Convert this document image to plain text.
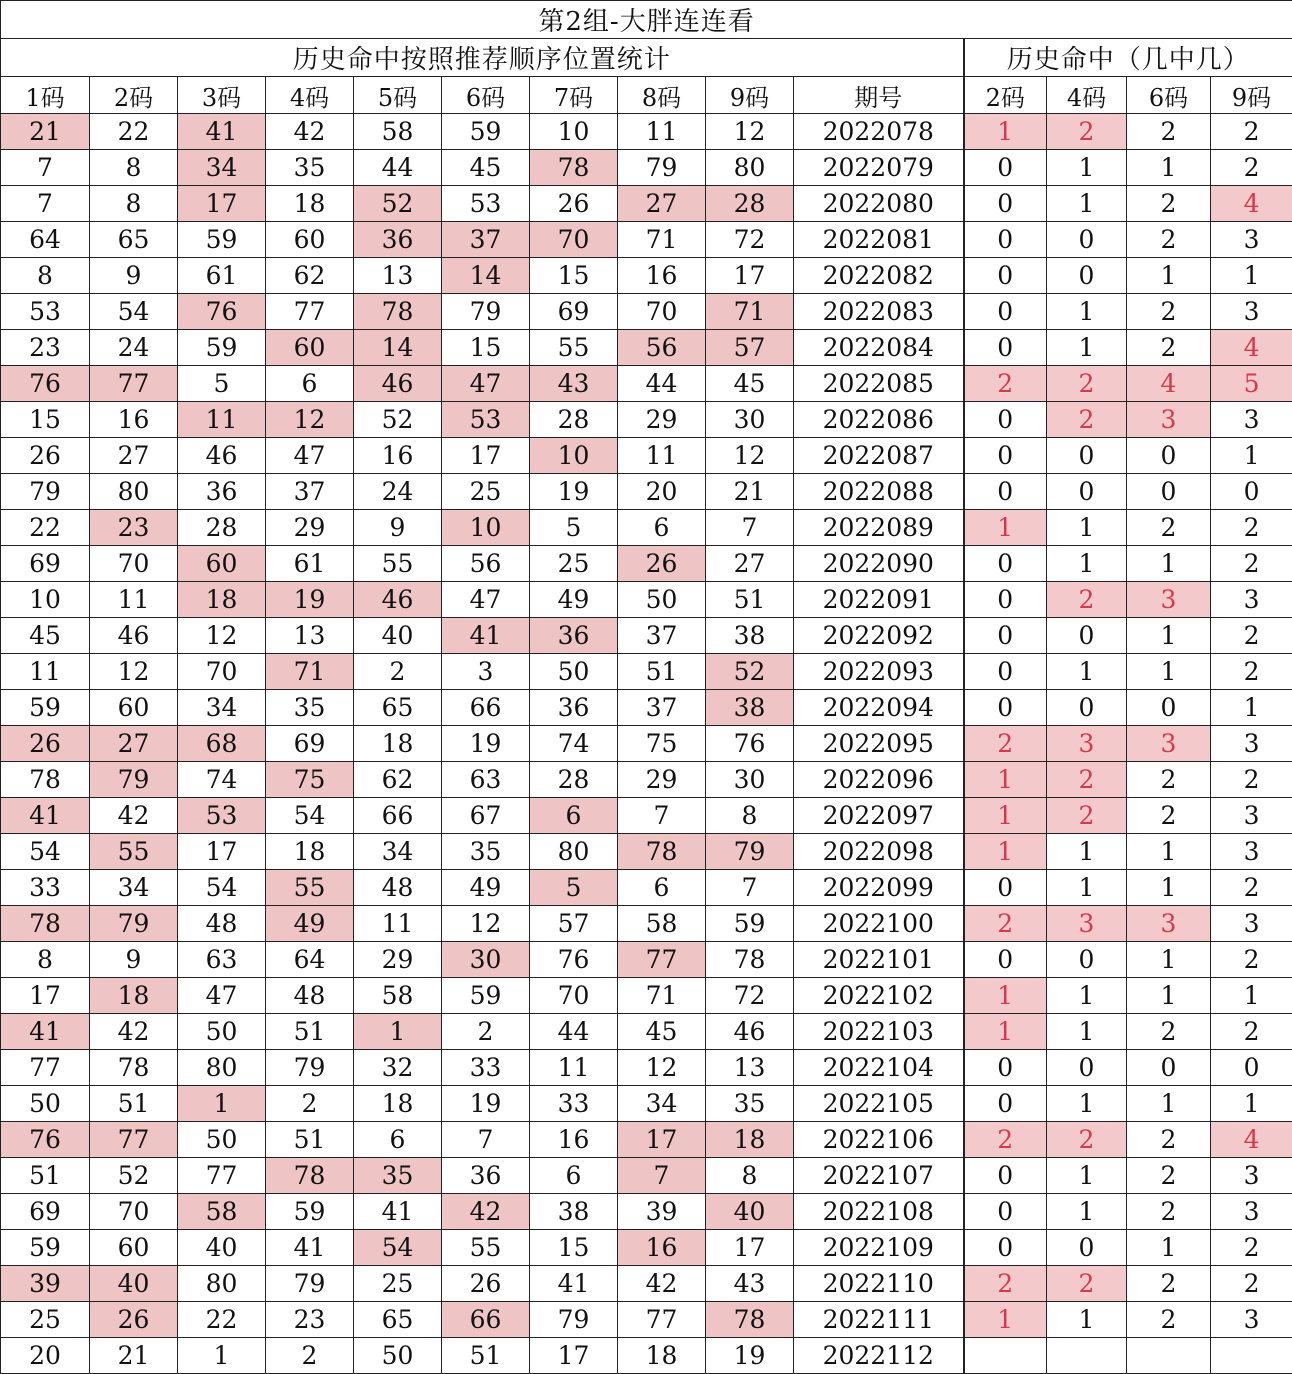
第2组-大胖连连看													
历史命中按照推荐顺序位置统计										历史命中（几中几）			
1码	2码	3码	4码	5码	6码	7码	8码	9码	期号	2码	4码	6码	9码
21	22	41	42	58	59	10	11	12	2022078	1	2	2	2
7	8	34	35	44	45	78	79	80	2022079	0	1	1	2
7	8	17	18	52	53	26	27	28	2022080	0	1	2	4
64	65	59	60	36	37	70	71	72	2022081	0	0	2	3
8	9	61	62	13	14	15	16	17	2022082	0	0	1	1
53	54	76	77	78	79	69	70	71	2022083	0	1	2	3
23	24	59	60	14	15	55	56	57	2022084	0	1	2	4
76	77	5	6	46	47	43	44	45	2022085	2	2	4	5
15	16	11	12	52	53	28	29	30	2022086	0	2	3	3
26	27	46	47	16	17	10	11	12	2022087	0	0	0	1
79	80	36	37	24	25	19	20	21	2022088	0	0	0	0
22	23	28	29	9	10	5	6	7	2022089	1	1	2	2
69	70	60	61	55	56	25	26	27	2022090	0	1	1	2
10	11	18	19	46	47	49	50	51	2022091	0	2	3	3
45	46	12	13	40	41	36	37	38	2022092	0	0	1	2
11	12	70	71	2	3	50	51	52	2022093	0	1	1	2
59	60	34	35	65	66	36	37	38	2022094	0	0	0	1
26	27	68	69	18	19	74	75	76	2022095	2	3	3	3
78	79	74	75	62	63	28	29	30	2022096	1	2	2	2
41	42	53	54	66	67	6	7	8	2022097	1	2	2	3
54	55	17	18	34	35	80	78	79	2022098	1	1	1	3
33	34	54	55	48	49	5	6	7	2022099	0	1	1	2
78	79	48	49	11	12	57	58	59	2022100	2	3	3	3
8	9	63	64	29	30	76	77	78	2022101	0	0	1	2
17	18	47	48	58	59	70	71	72	2022102	1	1	1	1
41	42	50	51	1	2	44	45	46	2022103	1	1	2	2
77	78	80	79	32	33	11	12	13	2022104	0	0	0	0
50	51	1	2	18	19	33	34	35	2022105	0	1	1	1
76	77	50	51	6	7	16	17	18	2022106	2	2	2	4
51	52	77	78	35	36	6	7	8	2022107	0	1	2	3
69	70	58	59	41	42	38	39	40	2022108	0	1	2	3
59	60	40	41	54	55	15	16	17	2022109	0	0	1	2
39	40	80	79	25	26	41	42	43	2022110	2	2	2	2
25	26	22	23	65	66	79	77	78	2022111	1	1	2	3
20	21	1	2	50	51	17	18	19	2022112				
